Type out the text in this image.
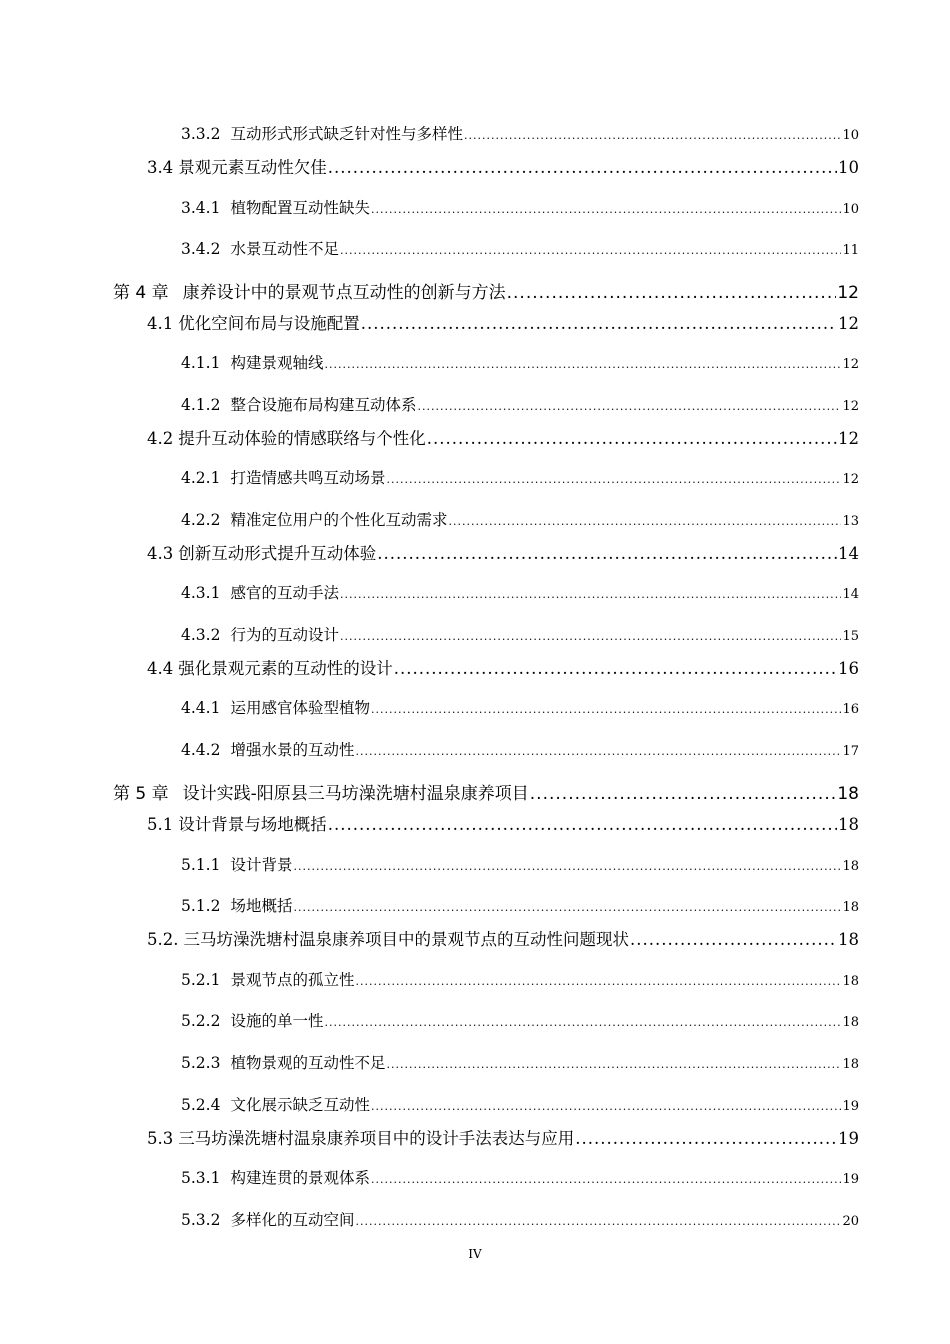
3.3.2 互动形式形式缺乏针对性与多样性 .....	10
3.4 景观元素互动性欠佳 .....	10
3.4.1 植物配置互动性缺失 .....	10
3.4.2 水景互动性不足 .....	11
第 4 章 康养设计中的景观节点互动性的创新与方法 .....	12
4.1 优化空间布局与设施配置 .....	12
4.1.1 构建景观轴线 .....	12
4.1.2 整合设施布局构建互动体系 .....	12
4.2 提升互动体验的情感联络与个性化 .....	12
4.2.1 打造情感共鸣互动场景 .....	12
4.2.2 精准定位用户的个性化互动需求 .....	13
4.3 创新互动形式提升互动体验 .....	14
4.3.1 感官的互动手法 .....	14
4.3.2 行为的互动设计 .....	15
4.4 强化景观元素的互动性的设计 .....	16
4.4.1 运用感官体验型植物 .....	16
4.4.2 增强水景的互动性 .....	17
第 5 章 设计实践-阳原县三马坊澡洗塘村温泉康养项目 .....	18
5.1 设计背景与场地概括 .....	18
5.1.1 设计背景 .....	18
5.1.2 场地概括 .....	18
5.2. 三马坊澡洗塘村温泉康养项目中的景观节点的互动性问题现状 .....	18
5.2.1 景观节点的孤立性 .....	18
5.2.2 设施的单一性 .....	18
5.2.3 植物景观的互动性不足 .....	18
5.2.4 文化展示缺乏互动性 .....	19
5.3 三马坊澡洗塘村温泉康养项目中的设计手法表达与应用 .....	19
5.3.1 构建连贯的景观体系 .....	19
5.3.2 多样化的互动空间 .....	20
IV
